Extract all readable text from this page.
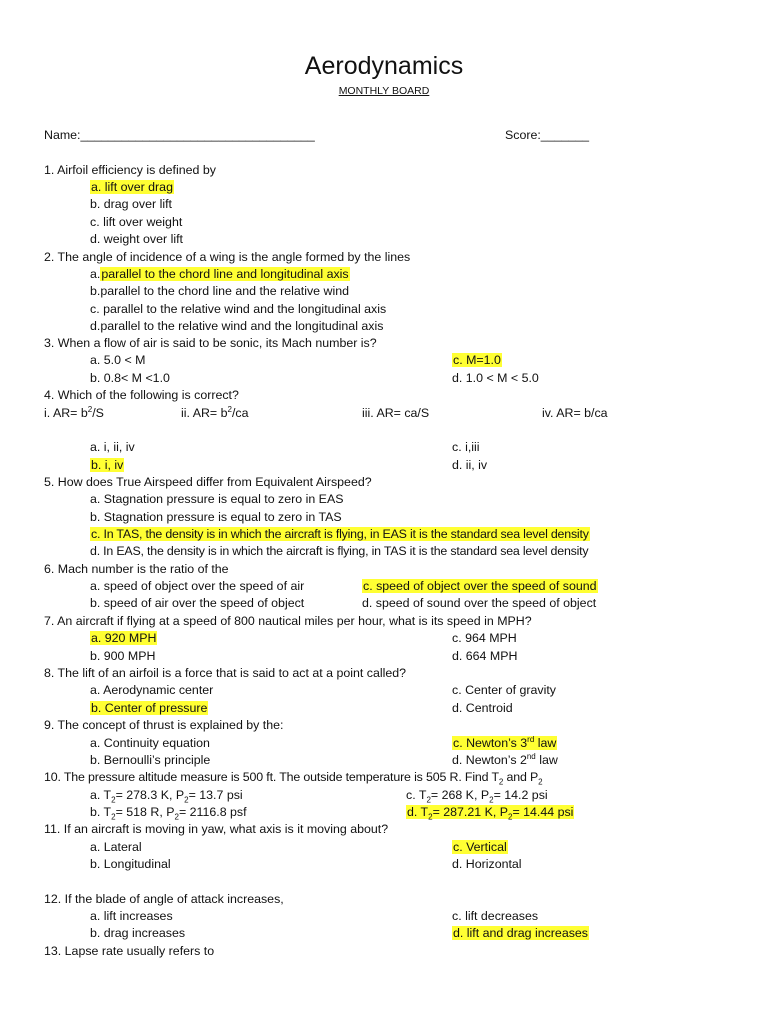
Aerodynamics
MONTHLY BOARD
Name:__________________________________	Score:_______
1. Airfoil efficiency is defined by
a. lift over drag
b. drag over lift
c. lift over weight
d. weight over lift
2. The angle of incidence of a wing is the angle formed by the lines
a.parallel to the chord line and longitudinal axis
b.parallel to the chord line and the relative wind
c. parallel to the relative wind and the longitudinal axis
d.parallel to the relative wind and the longitudinal axis
3. When a flow of air is said to be sonic, its Mach number is?
a. 5.0 < M	c. M=1.0
b. 0.8< M <1.0	d. 1.0 < M < 5.0
4. Which of the following is correct?
i. $AR= b^2/S$	ii. $AR= b^2/ca$	iii. AR= ca/S	iv. AR= b/ca
a. i, ii, iv	c. i,iii
b. i, iv	d. ii, iv
5. How does True Airspeed differ from Equivalent Airspeed?
a. Stagnation pressure is equal to zero in EAS
b. Stagnation pressure is equal to zero in TAS
c. In TAS, the density is in which the aircraft is flying, in EAS it is the standard sea level density
d. In EAS, the density is in which the aircraft is flying, in TAS it is the standard sea level density
6. Mach number is the ratio of the
a. speed of object over the speed of air	c. speed of object over the speed of sound
b. speed of air over the speed of object	d. speed of sound over the speed of object
7. An aircraft if flying at a speed of 800 nautical miles per hour, what is its speed in MPH?
a. 920 MPH	c. 964 MPH
b. 900 MPH	d. 664 MPH
8. The lift of an airfoil is a force that is said to act at a point called?
a. Aerodynamic center	c. Center of gravity
b. Center of pressure	d. Centroid
9. The concept of thrust is explained by the:
a. Continuity equation	c. Newton’s 3rd law
b. Bernoulli’s principle	d. Newton’s 2nd law
10. The pressure altitude measure is 500 ft. The outside temperature is 505 R. Find $T_2$ and $P_2$
a. $T_2= 278.3$ K, $P_2= 13.7$ psi	c. $T_2= 268$ K, $P_2= 14.2$ psi
b. $T_2= 518$ R, $P_2= 2116.8$ psf	d. $T_2= 287.21$ K, $P_2= 14.44$ psi
11. If an aircraft is moving in yaw, what axis is it moving about?
a. Lateral	c. Vertical
b. Longitudinal	d. Horizontal
12. If the blade of angle of attack increases,
a. lift increases	c. lift decreases
b. drag increases	d. lift and drag increases
13. Lapse rate usually refers to
